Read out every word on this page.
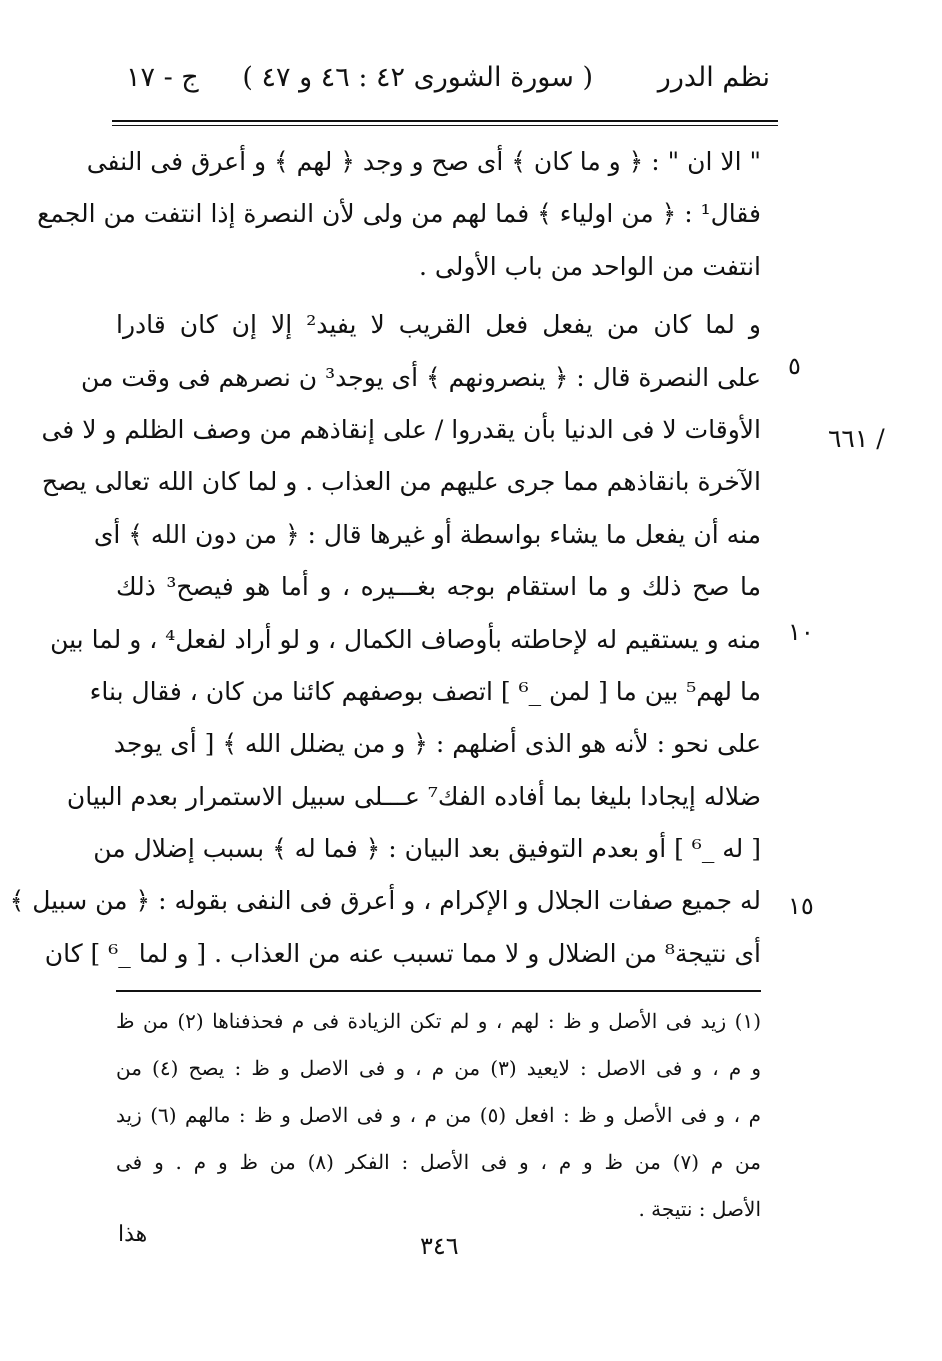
نظم الدرر
( سورة الشورى ٤٢ : ٤٦ و ٤٧ )
ج - ١٧
" الا ان " : ﴿ و ما كان ﴾ أى صح و وجد ﴿ لهم ﴾ و أعرق فى النفى
فقال¹ : ﴿ من اولياء ﴾ فما لهم من ولى لأن النصرة إذا انتفت من الجمع
انتفت من الواحد من باب الأولى .
و لما كان من يفعل فعل القريب لا يفيد² إلا إن كان قادرا
على النصرة قال : ﴿ ينصرونهم ﴾ أى يوجد³ ن نصرهم فى وقت من
الأوقات لا فى الدنيا بأن يقدروا / على إنقاذهم من وصف الظلم و لا فى
الآخرة بانقاذهم مما جرى عليهم من العذاب . و لما كان الله تعالى يصح
منه أن يفعل ما يشاء بواسطة أو غيرها قال : ﴿ من دون الله ﴾ أى
ما صح ذلك و ما استقام بوجه بغـــيره ، و أما هو فيصح³ ذلك
منه و يستقيم له لإحاطته بأوصاف الكمال ، و لو أراد لفعل⁴ ، و لما بين
ما لهم⁵ بين ما [ لمن _⁶ ] اتصف بوصفهم كائنا من كان ، فقال بناء
على نحو : لأنه هو الذى أضلهم : ﴿ و من يضلل الله ﴾ [ أى يوجد
ضلاله إيجادا بليغا بما أفاده الفك⁷ عـــلى سبيل الاستمرار بعدم البيان
[ له _⁶ ] أو بعدم التوفيق بعد البيان : ﴿ فما له ﴾ بسبب إضلال من
له جميع صفات الجلال و الإكرام ، و أعرق فى النفى بقوله : ﴿ من سبيل ﴾
أى نتيجة⁸ من الضلال و لا مما تسبب عنه من العذاب . [ و لما _⁶ ] كان
٥
١٠
١٥
٦٦١ /
(١) زيد فى الأصل و ظ : لهم ، و لم تكن الزيادة فى م فحذفناها (٢) من ظ
و م ، و فى الاصل : لايعيد (٣) من م ، و فى الاصل و ظ : يصح (٤) من
م ، و فى الأصل و ظ : افعل (٥) من م ، و فى الاصل و ظ : مالهم (٦) زيد
من م (٧) من ظ و م ، و فى الأصل : الفكر (٨) من ظ و م . و فى
الأصل : نتيجة .
هذا	٣٤٦
